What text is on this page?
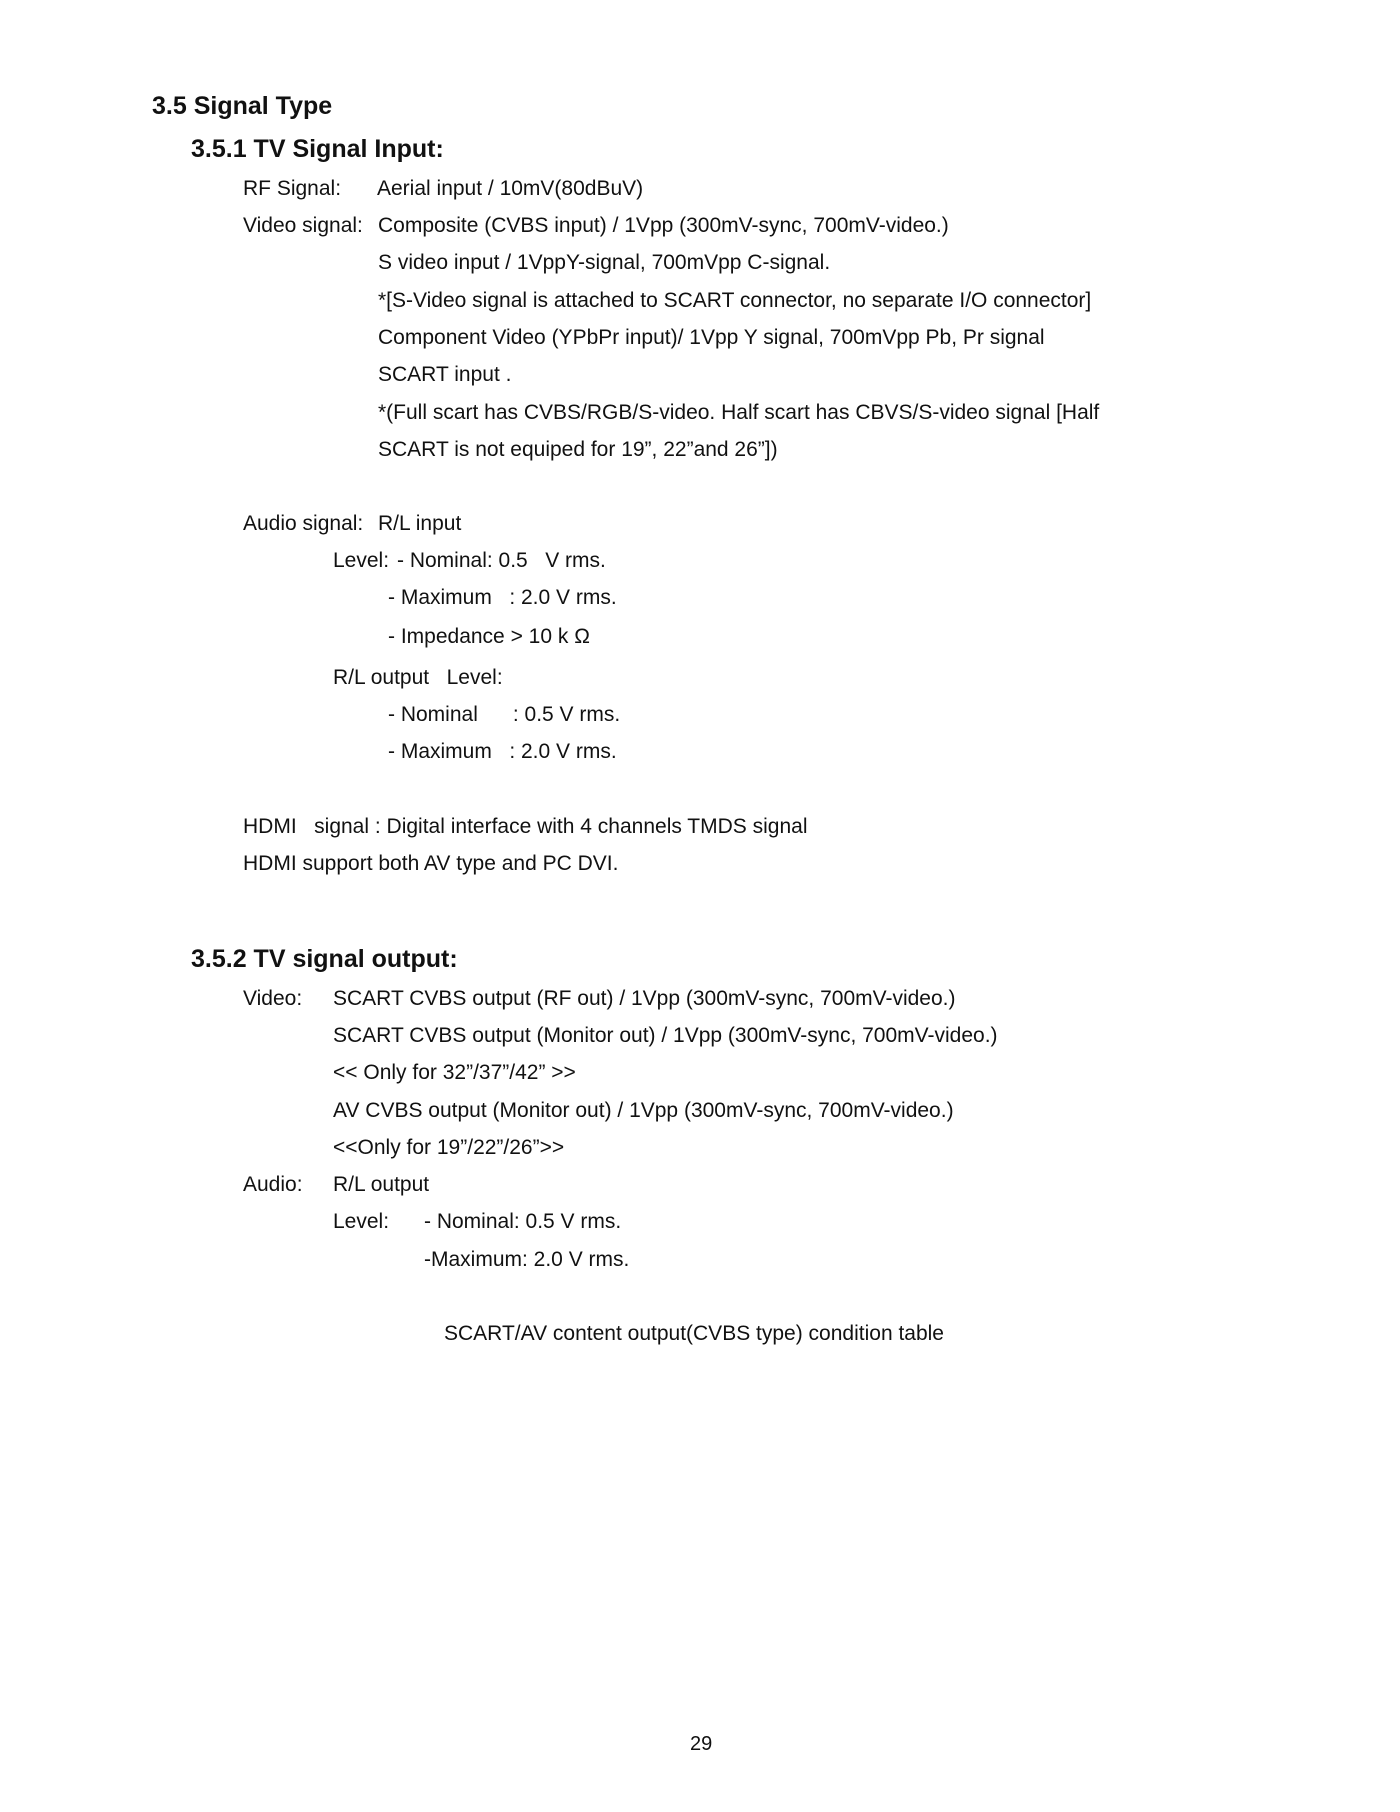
3.5 Signal Type
3.5.1 TV Signal Input:
RF Signal: Aerial input / 10mV(80dBuV)
Video signal: Composite (CVBS input) / 1Vpp (300mV-sync, 700mV-video.)
S video input / 1VppY-signal, 700mVpp C-signal.
*[S-Video signal is attached to SCART connector, no separate I/O connector]
Component Video (YPbPr input)/ 1Vpp Y signal, 700mVpp Pb, Pr signal
SCART input .
*(Full scart has CVBS/RGB/S-video. Half scart has CBVS/S-video signal [Half
SCART is not equiped for 19”, 22”and 26”])
Audio signal: R/L input
Level: - Nominal: 0.5   V rms.
- Maximum   : 2.0 V rms.
- Impedance > 10 k Ω
R/L output   Level:
- Nominal      : 0.5 V rms.
- Maximum   : 2.0 V rms.
HDMI   signal : Digital interface with 4 channels TMDS signal
HDMI support both AV type and PC DVI.
3.5.2 TV signal output:
Video: SCART CVBS output (RF out) / 1Vpp (300mV-sync, 700mV-video.)
SCART CVBS output (Monitor out) / 1Vpp (300mV-sync, 700mV-video.)
<< Only for 32”/37”/42” >>
AV CVBS output (Monitor out) / 1Vpp (300mV-sync, 700mV-video.)
<<Only for 19”/22”/26”>>
Audio: R/L output
Level: - Nominal: 0.5 V rms.
-Maximum: 2.0 V rms.
SCART/AV content output(CVBS type) condition table
29
